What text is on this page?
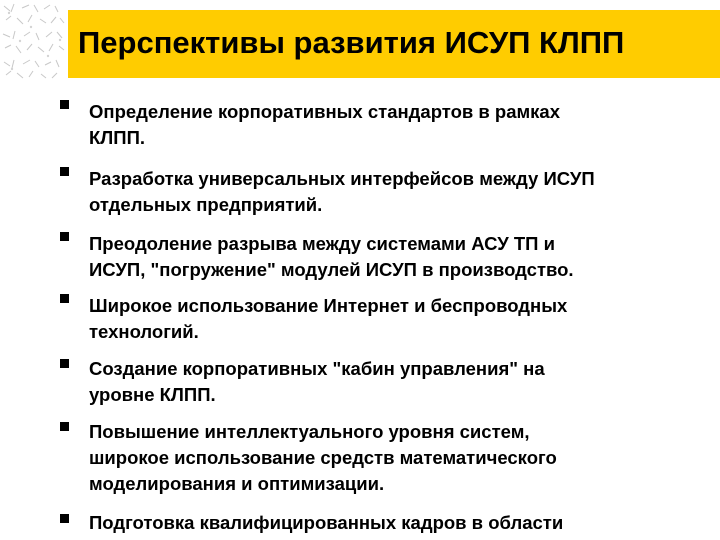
Перспективы развития ИСУП КЛПП
Определение корпоративных стандартов в рамках
КЛПП.
Разработка универсальных интерфейсов между ИСУП
отдельных предприятий.
Преодоление разрыва между системами АСУ ТП и
ИСУП, "погружение" модулей ИСУП в производство.
Широкое использование Интернет и беспроводных
технологий.
Создание корпоративных "кабин управления" на
уровне КЛПП.
Повышение интеллектуального уровня систем,
широкое использование средств математического
моделирования и оптимизации.
Подготовка квалифицированных кадров в области
